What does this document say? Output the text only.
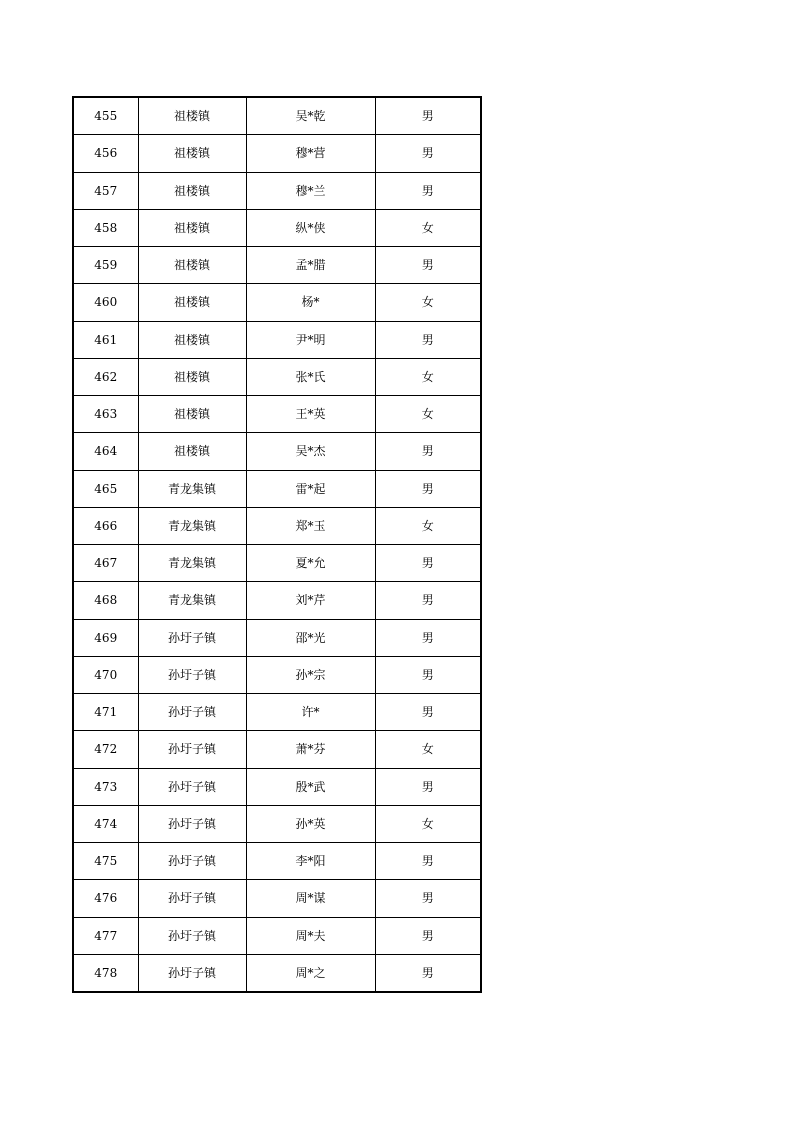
455	祖楼镇	吴*乾	男
456	祖楼镇	穆*营	男
457	祖楼镇	穆*兰	男
458	祖楼镇	纵*侠	女
459	祖楼镇	孟*腊	男
460	祖楼镇	杨*	女
461	祖楼镇	尹*明	男
462	祖楼镇	张*氏	女
463	祖楼镇	王*英	女
464	祖楼镇	吴*杰	男
465	青龙集镇	雷*起	男
466	青龙集镇	郑*玉	女
467	青龙集镇	夏*允	男
468	青龙集镇	刘*芹	男
469	孙圩子镇	邵*光	男
470	孙圩子镇	孙*宗	男
471	孙圩子镇	许*	男
472	孙圩子镇	萧*芬	女
473	孙圩子镇	殷*武	男
474	孙圩子镇	孙*英	女
475	孙圩子镇	李*阳	男
476	孙圩子镇	周*谋	男
477	孙圩子镇	周*夫	男
478	孙圩子镇	周*之	男
